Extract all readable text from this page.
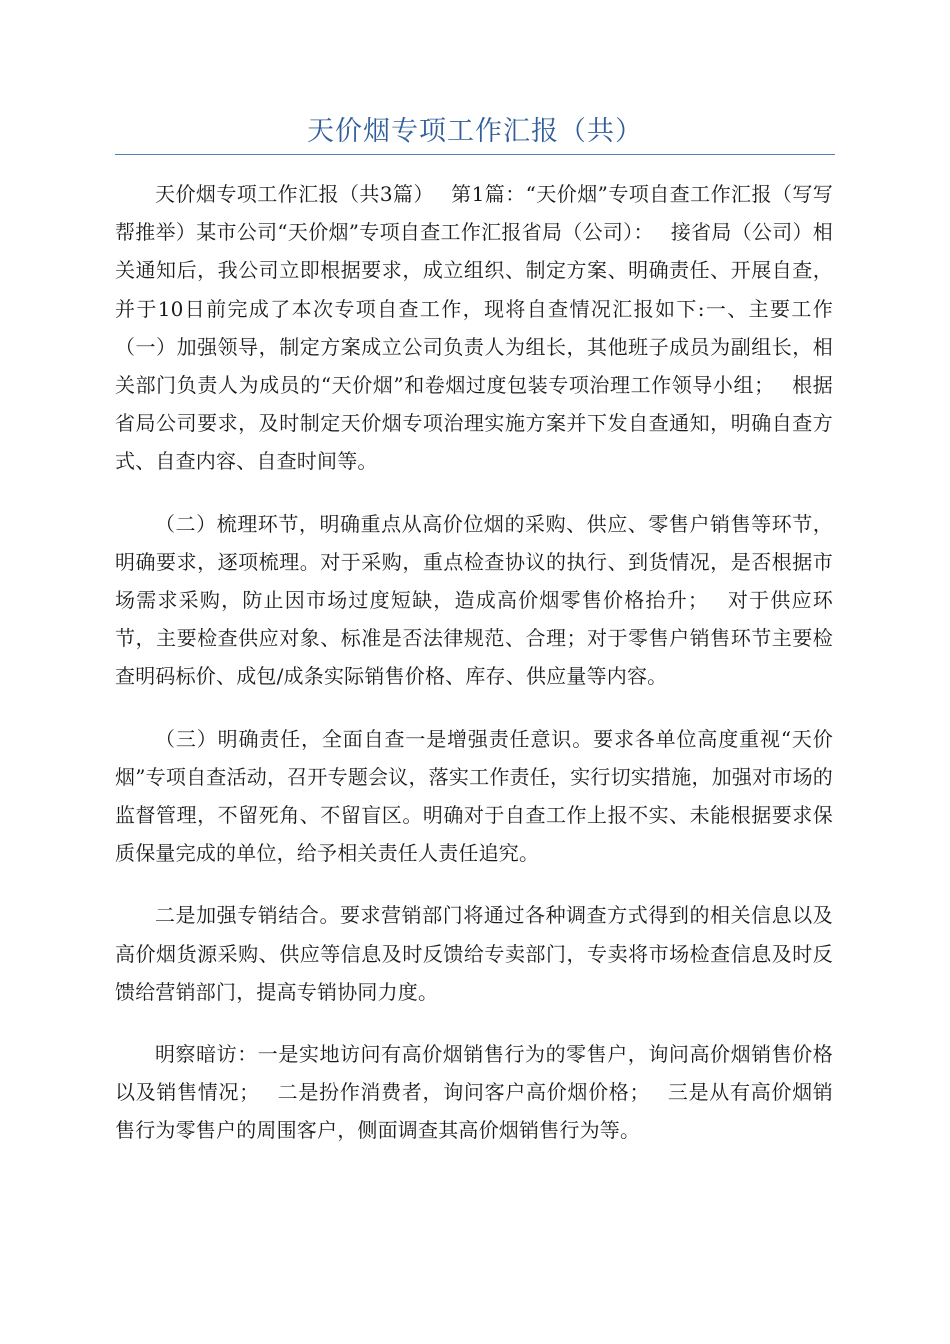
天价烟专项工作汇报（共）

天价烟专项工作汇报（共3篇）　 第1篇：“天价烟”专项自查工作汇报（写写帮推举）某市公司“天价烟”专项自查工作汇报省局（公司）：　 接省局（公司）相关通知后，我公司立即根据要求，成立组织、制定方案、明确责任、开展自查，并于10日前完成了本次专项自查工作，现将自查情况汇报如下:一、主要工作（一）加强领导，制定方案成立公司负责人为组长，其他班子成员为副组长，相关部门负责人为成员的“天价烟”和卷烟过度包装专项治理工作领导小组；　 根据省局公司要求，及时制定天价烟专项治理实施方案并下发自查通知，明确自查方式、自查内容、自查时间等。

（二）梳理环节，明确重点从高价位烟的采购、供应、零售户销售等环节，明确要求，逐项梳理。对于采购，重点检查协议的执行、到货情况，是否根据市场需求采购，防止因市场过度短缺，造成高价烟零售价格抬升；　 对于供应环节，主要检查供应对象、标准是否法律规范、合理；对于零售户销售环节主要检查明码标价、成包/成条实际销售价格、库存、供应量等内容。

（三）明确责任，全面自查一是增强责任意识。要求各单位高度重视“天价烟”专项自查活动，召开专题会议，落实工作责任，实行切实措施，加强对市场的监督管理，不留死角、不留盲区。明确对于自查工作上报不实、未能根据要求保质保量完成的单位，给予相关责任人责任追究。

二是加强专销结合。要求营销部门将通过各种调查方式得到的相关信息以及高价烟货源采购、供应等信息及时反馈给专卖部门，专卖将市场检查信息及时反馈给营销部门，提高专销协同力度。

明察暗访：一是实地访问有高价烟销售行为的零售户，询问高价烟销售价格以及销售情况；　 二是扮作消费者，询问客户高价烟价格；　 三是从有高价烟销售行为零售户的周围客户，侧面调查其高价烟销售行为等。
